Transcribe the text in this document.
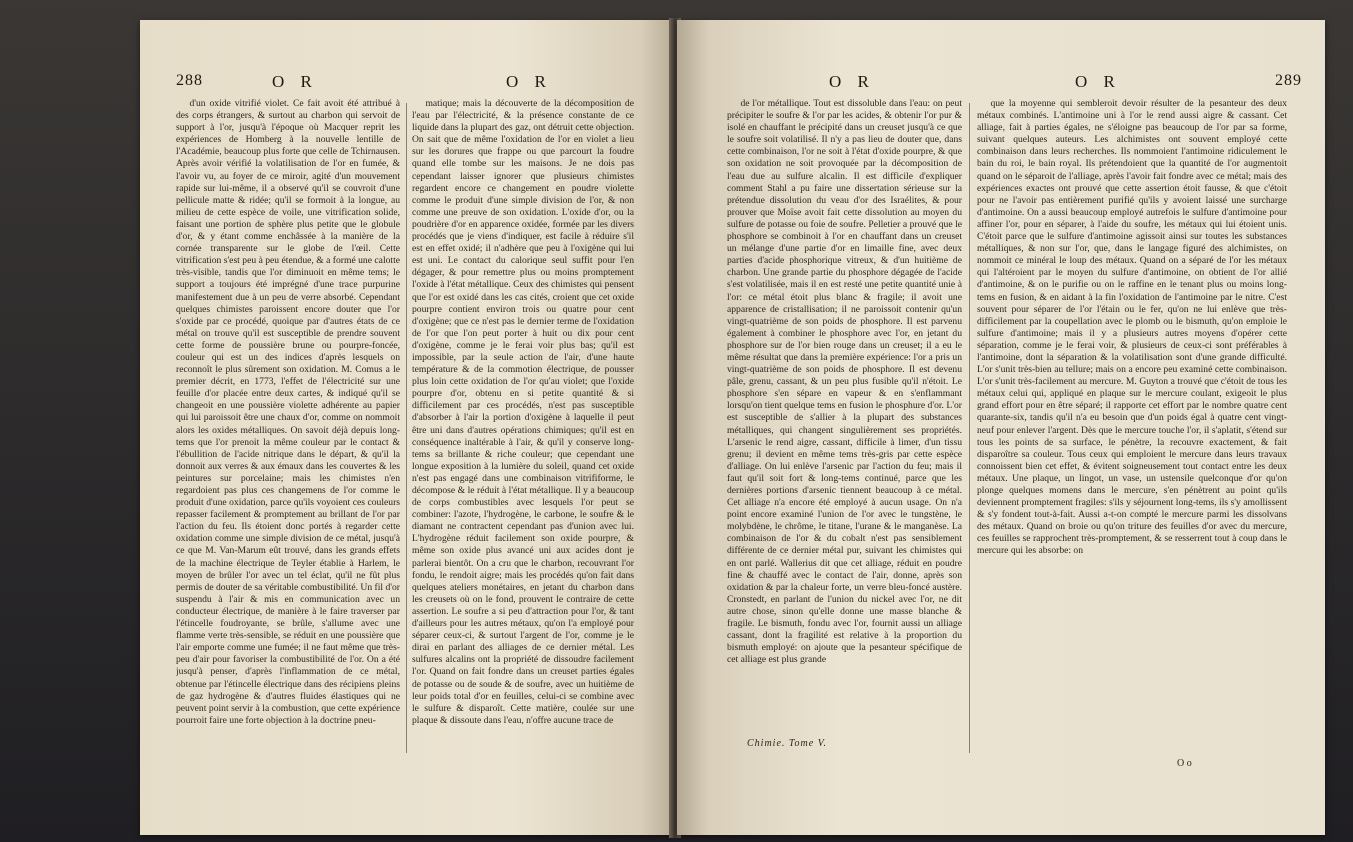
288	O R	O R

d'un oxide vitrifié violet. Ce fait avoit été attribué à des corps étrangers, & surtout au charbon qui servoit de support à l'or, jusqu'à l'époque où Macquer reprit les expériences de Homberg à la nouvelle lentille de l'Académie, beaucoup plus forte que celle de Tchirnausen. Après avoir vérifié la volatilisation de l'or en fumée, & l'avoir vu, au foyer de ce miroir, agité d'un mouvement rapide sur lui-même, il a observé qu'il se couvroit d'une pellicule matte & ridée; qu'il se formoit à la longue, au milieu de cette espèce de voile, une vitrification solide, faisant une portion de sphère plus petite que le globule d'or, & y étant comme enchâssée à la manière de la cornée transparente sur le globe de l'œil. Cette vitrification s'est peu à peu étendue, & a formé une calotte très-visible, tandis que l'or diminuoit en même tems; le support a toujours été imprégné d'une trace purpurine manifestement due à un peu de verre absorbé. Cependant quelques chimistes paroissent encore douter que l'or s'oxide par ce procédé, quoique par d'autres états de ce métal on trouve qu'il est susceptible de prendre souvent cette forme de poussière brune ou pourpre-foncée, couleur qui est un des indices d'après lesquels on reconnoît le plus sûrement son oxidation. M. Comus a le premier décrit, en 1773, l'effet de l'électricité sur une feuille d'or placée entre deux cartes, & indiqué qu'il se changeoit en une poussière violette adhérente au papier qui lui paroissoit être une chaux d'or, comme on nommoit alors les oxides métalliques. On savoit déjà depuis long-tems que l'or prenoit la même couleur par le contact & l'ébullition de l'acide nitrique dans le départ, & qu'il la donnoit aux verres & aux émaux dans les couvertes & les peintures sur porcelaine; mais les chimistes n'en regardoient pas plus ces changemens de l'or comme le produit d'une oxidation, parce qu'ils voyoient ces couleurs repasser facilement & promptement au brillant de l'or par l'action du feu. Ils étoient donc portés à regarder cette oxidation comme une simple division de ce métal, jusqu'à ce que M. Van-Marum eût trouvé, dans les grands effets de la machine électrique de Teyler établie à Harlem, le moyen de brûler l'or avec un tel éclat, qu'il ne fût plus permis de douter de sa véritable combustibilité. Un fil d'or suspendu à l'air & mis en communication avec un conducteur électrique, de manière à le faire traverser par l'étincelle foudroyante, se brûle, s'allume avec une flamme verte très-sensible, se réduit en une poussière que l'air emporte comme une fumée; il ne faut même que très-peu d'air pour favoriser la combustibilité de l'or. On a été jusqu'à penser, d'après l'inflammation de ce métal, obtenue par l'étincelle électrique dans des récipiens pleins de gaz hydrogène & d'autres fluides élastiques qui ne peuvent point servir à la combustion, que cette expérience pourroit faire une forte objection à la doctrine pneu-

matique; mais la découverte de la décomposition de l'eau par l'électricité, & la présence constante de ce liquide dans la plupart des gaz, ont détruit cette objection. On sait que de même l'oxidation de l'or en violet a lieu sur les dorures que frappe ou que parcourt la foudre quand elle tombe sur les maisons. Je ne dois pas cependant laisser ignorer que plusieurs chimistes regardent encore ce changement en poudre violette comme le produit d'une simple division de l'or, & non comme une preuve de son oxidation. L'oxide d'or, ou la poudrière d'or en apparence oxidée, formée par les divers procédés que je viens d'indiquer, est facile à réduire s'il est en effet oxidé; il n'adhère que peu à l'oxigène qui lui est uni. Le contact du calorique seul suffit pour l'en dégager, & pour remettre plus ou moins promptement l'oxide à l'état métallique. Ceux des chimistes qui pensent que l'or est oxidé dans les cas cités, croient que cet oxide pourpre contient environ trois ou quatre pour cent d'oxigène; que ce n'est pas le dernier terme de l'oxidation de l'or que l'on peut porter à huit ou dix pour cent d'oxigène, comme je le ferai voir plus bas; qu'il est impossible, par la seule action de l'air, d'une haute température & de la commotion électrique, de pousser plus loin cette oxidation de l'or qu'au violet; que l'oxide pourpre d'or, obtenu en si petite quantité & si difficilement par ces procédés, n'est pas susceptible d'absorber à l'air la portion d'oxigène à laquelle il peut être uni dans d'autres opérations chimiques; qu'il est en conséquence inaltérable à l'air, & qu'il y conserve long-tems sa brillante & riche couleur; que cependant une longue exposition à la lumière du soleil, quand cet oxide n'est pas engagé dans une combinaison vitrififorme, le décompose & le réduit à l'état métallique. Il y a beaucoup de corps combustibles avec lesquels l'or peut se combiner: l'azote, l'hydrogène, le carbone, le soufre & le diamant ne contractent cependant pas d'union avec lui. L'hydrogène réduit facilement son oxide pourpre, & même son oxide plus avancé uni aux acides dont je parlerai bientôt. On a cru que le charbon, recouvrant l'or fondu, le rendoit aigre; mais les procédés qu'on fait dans quelques ateliers monétaires, en jetant du charbon dans les creusets où on le fond, prouvent le contraire de cette assertion. Le soufre a si peu d'attraction pour l'or, & tant d'ailleurs pour les autres métaux, qu'on l'a employé pour séparer ceux-ci, & surtout l'argent de l'or, comme je le dirai en parlant des alliages de ce dernier métal. Les sulfures alcalins ont la propriété de dissoudre facilement l'or. Quand on fait fondre dans un creuset parties égales de potasse ou de soude & de soufre, avec un huitième de leur poids total d'or en feuilles, celui-ci se combine avec le sulfure & disparoît. Cette matière, coulée sur une plaque & dissoute dans l'eau, n'offre aucune trace de

O R	O R	289

de l'or métallique. Tout est dissoluble dans l'eau: on peut précipiter le soufre & l'or par les acides, & obtenir l'or pur & isolé en chauffant le précipité dans un creuset jusqu'à ce que le soufre soit volatilisé. Il n'y a pas lieu de douter que, dans cette combinaison, l'or ne soit à l'état d'oxide pourpre, & que son oxidation ne soit provoquée par la décomposition de l'eau due au sulfure alcalin. Il est difficile d'expliquer comment Stahl a pu faire une dissertation sérieuse sur la prétendue dissolution du veau d'or des Israélites, & pour prouver que Moïse avoit fait cette dissolution au moyen du sulfure de potasse ou foie de soufre. Pelletier a prouvé que le phosphore se combinoit à l'or en chauffant dans un creuset un mélange d'une partie d'or en limaille fine, avec deux parties d'acide phosphorique vitreux, & d'un huitième de charbon. Une grande partie du phosphore dégagée de l'acide s'est volatilisée, mais il en est resté une petite quantité unie à l'or: ce métal étoit plus blanc & fragile; il avoit une apparence de cristallisation; il ne paroissoit contenir qu'un vingt-quatrième de son poids de phosphore. Il est parvenu également à combiner le phosphore avec l'or, en jetant du phosphore sur de l'or bien rouge dans un creuset; il a eu le même résultat que dans la première expérience: l'or a pris un vingt-quatrième de son poids de phosphore. Il est devenu pâle, grenu, cassant, & un peu plus fusible qu'il n'étoit. Le phosphore s'en sépare en vapeur & en s'enflammant lorsqu'on tient quelque tems en fusion le phosphure d'or. L'or est susceptible de s'allier à la plupart des substances métalliques, qui changent singulièrement ses propriétés. L'arsenic le rend aigre, cassant, difficile à limer, d'un tissu grenu; il devient en même tems très-gris par cette espèce d'alliage. On lui enlève l'arsenic par l'action du feu; mais il faut qu'il soit fort & long-tems continué, parce que les dernières portions d'arsenic tiennent beaucoup à ce métal. Cet alliage n'a encore été employé à aucun usage. On n'a point encore examiné l'union de l'or avec le tungstène, le molybdène, le chrôme, le titane, l'urane & le manganèse. La combinaison de l'or & du cobalt n'est pas sensiblement différente de ce dernier métal pur, suivant les chimistes qui en ont parlé. Wallerius dit que cet alliage, réduit en poudre fine & chauffé avec le contact de l'air, donne, après son oxidation & par la chaleur forte, un verre bleu-foncé austère. Cronstedt, en parlant de l'union du nickel avec l'or, ne dit autre chose, sinon qu'elle donne une masse blanche & fragile. Le bismuth, fondu avec l'or, fournit aussi un alliage cassant, dont la fragilité est relative à la proportion du bismuth employé: on ajoute que la pesanteur spécifique de cet alliage est plus grande

que la moyenne qui sembleroit devoir résulter de la pesanteur des deux métaux combinés. L'antimoine uni à l'or le rend aussi aigre & cassant. Cet alliage, fait à parties égales, ne s'éloigne pas beaucoup de l'or par sa forme, suivant quelques auteurs. Les alchimistes ont souvent employé cette combinaison dans leurs recherches. Ils nommoient l'antimoine ridiculement le bain du roi, le bain royal. Ils prétendoient que la quantité de l'or augmentoit quand on le séparoit de l'alliage, après l'avoir fait fondre avec ce métal; mais des expériences exactes ont prouvé que cette assertion étoit fausse, & que c'étoit pour ne l'avoir pas entièrement purifié qu'ils y avoient laissé une surcharge d'antimoine. On a aussi beaucoup employé autrefois le sulfure d'antimoine pour affiner l'or, pour en séparer, à l'aide du soufre, les métaux qui lui étoient unis. C'étoit parce que le sulfure d'antimoine agissoit ainsi sur toutes les substances métalliques, & non sur l'or, que, dans le langage figuré des alchimistes, on nommoit ce minéral le loup des métaux. Quand on a séparé de l'or les métaux qui l'altéroient par le moyen du sulfure d'antimoine, on obtient de l'or allié d'antimoine, & on le purifie ou on le raffine en le tenant plus ou moins long-tems en fusion, & en aidant à la fin l'oxidation de l'antimoine par le nitre. C'est souvent pour séparer de l'or l'étain ou le fer, qu'on ne lui enlève que très-difficilement par la coupellation avec le plomb ou le bismuth, qu'on emploie le sulfure d'antimoine; mais il y a plusieurs autres moyens d'opérer cette séparation, comme je le ferai voir, & plusieurs de ceux-ci sont préférables à l'antimoine, dont la séparation & la volatilisation sont d'une grande difficulté. L'or s'unit très-bien au tellure; mais on a encore peu examiné cette combinaison. L'or s'unit très-facilement au mercure. M. Guyton a trouvé que c'étoit de tous les métaux celui qui, appliqué en plaque sur le mercure coulant, exigeoit le plus grand effort pour en être séparé; il rapporte cet effort par le nombre quatre cent quarante-six, tandis qu'il n'a eu besoin que d'un poids égal à quatre cent vingt-neuf pour enlever l'argent. Dès que le mercure touche l'or, il s'aplatit, s'étend sur tous les points de sa surface, le pénètre, la recouvre exactement, & fait disparoître sa couleur. Tous ceux qui emploient le mercure dans leurs travaux connoissent bien cet effet, & évitent soigneusement tout contact entre les deux métaux. Une plaque, un lingot, un vase, un ustensile quelconque d'or qu'on plonge quelques momens dans le mercure, s'en pénètrent au point qu'ils deviennent promptement fragiles: s'ils y séjournent long-tems, ils s'y amollissent & s'y fondent tout-à-fait. Aussi a-t-on compté le mercure parmi les dissolvans des métaux. Quand on broie ou qu'on triture des feuilles d'or avec du mercure, ces feuilles se rapprochent très-promptement, & se resserrent tout à coup dans le mercure qui les absorbe: on

Chimie. Tome V.
O o
